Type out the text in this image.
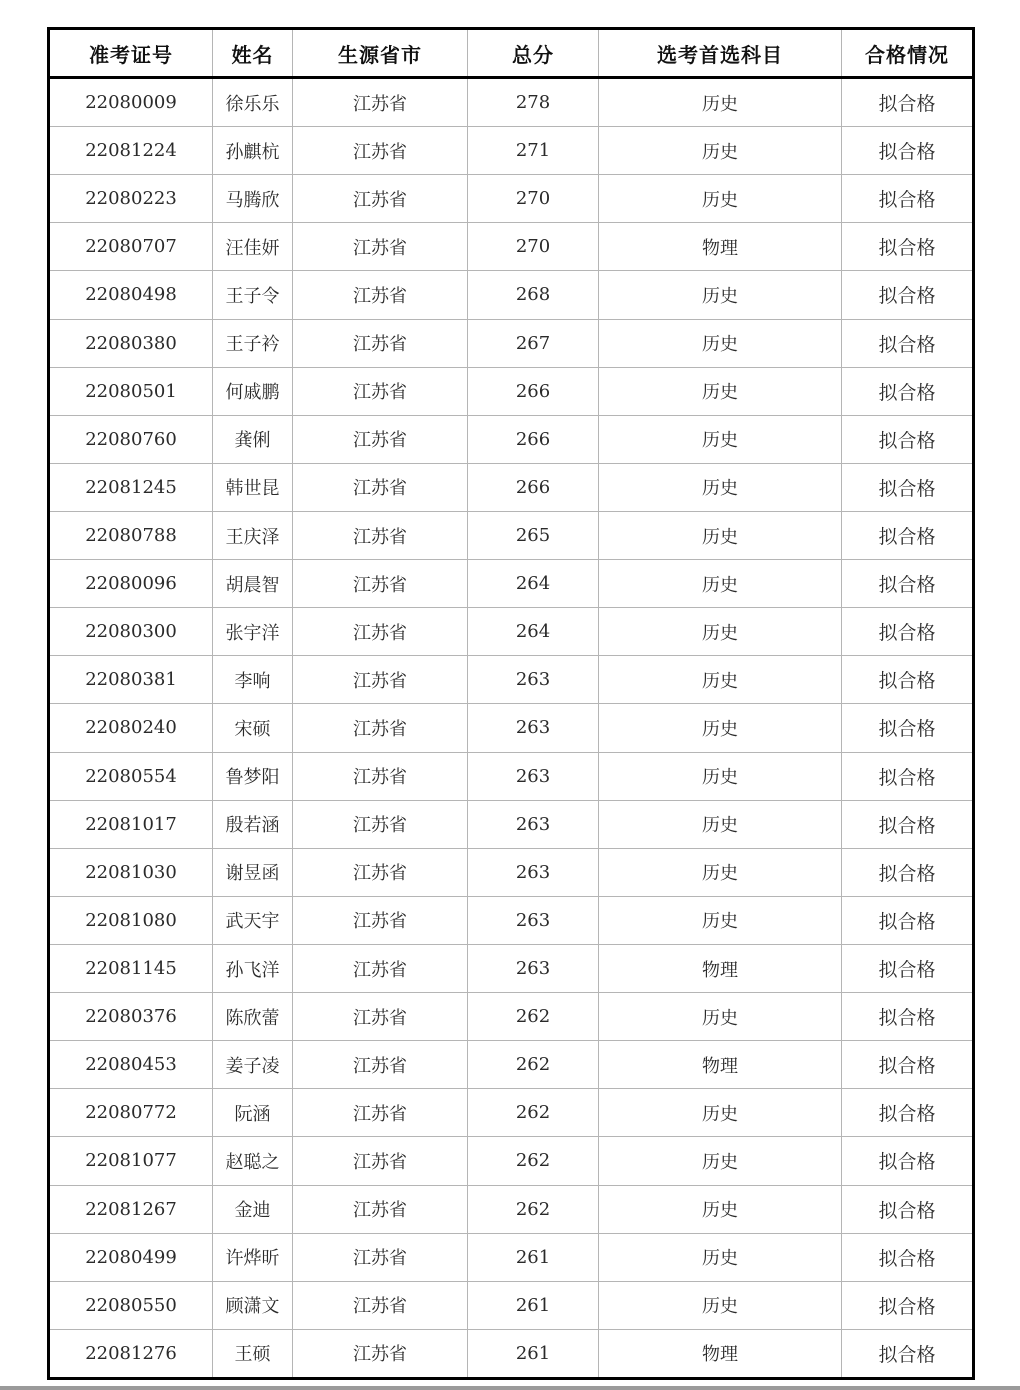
准考证号	姓名	生源省市	总分	选考首选科目	合格情况
22080009	徐乐乐	江苏省	278	历史	拟合格
22081224	孙麒杭	江苏省	271	历史	拟合格
22080223	马腾欣	江苏省	270	历史	拟合格
22080707	汪佳妍	江苏省	270	物理	拟合格
22080498	王子令	江苏省	268	历史	拟合格
22080380	王子衿	江苏省	267	历史	拟合格
22080501	何戚鹏	江苏省	266	历史	拟合格
22080760	龚俐	江苏省	266	历史	拟合格
22081245	韩世昆	江苏省	266	历史	拟合格
22080788	王庆泽	江苏省	265	历史	拟合格
22080096	胡晨智	江苏省	264	历史	拟合格
22080300	张宇洋	江苏省	264	历史	拟合格
22080381	李响	江苏省	263	历史	拟合格
22080240	宋硕	江苏省	263	历史	拟合格
22080554	鲁梦阳	江苏省	263	历史	拟合格
22081017	殷若涵	江苏省	263	历史	拟合格
22081030	谢昱函	江苏省	263	历史	拟合格
22081080	武天宇	江苏省	263	历史	拟合格
22081145	孙飞洋	江苏省	263	物理	拟合格
22080376	陈欣蕾	江苏省	262	历史	拟合格
22080453	姜子凌	江苏省	262	物理	拟合格
22080772	阮涵	江苏省	262	历史	拟合格
22081077	赵聪之	江苏省	262	历史	拟合格
22081267	金迪	江苏省	262	历史	拟合格
22080499	许烨昕	江苏省	261	历史	拟合格
22080550	顾潇文	江苏省	261	历史	拟合格
22081276	王硕	江苏省	261	物理	拟合格
